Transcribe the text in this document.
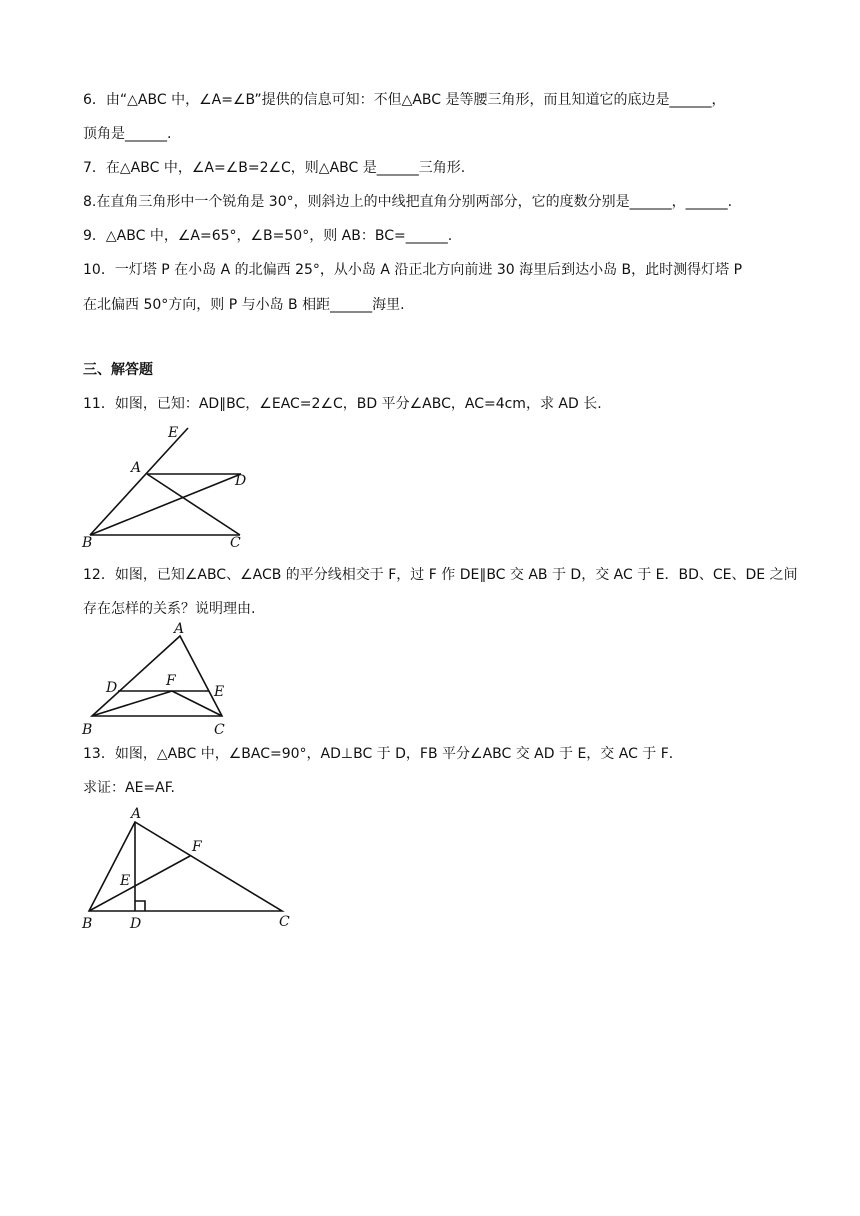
6．由“△ABC 中，∠A=∠B”提供的信息可知：不但△ABC 是等腰三角形，而且知道它的底边是______，
顶角是______.
7．在△ABC 中，∠A=∠B=2∠C，则△ABC 是______三角形.
8.在直角三角形中一个锐角是 30°，则斜边上的中线把直角分别两部分，它的度数分别是______，______.
9．△ABC 中，∠A=65°，∠B=50°，则 AB：BC=______.
10．一灯塔 P 在小岛 A 的北偏西 25°，从小岛 A 沿正北方向前进 30 海里后到达小岛 B，此时测得灯塔 P
在北偏西 50°方向，则 P 与小岛 B 相距______海里.
三、解答题
11．如图，已知：AD∥BC，∠EAC=2∠C，BD 平分∠ABC，AC=4cm，求 AD 长.
E
A
D
B	C
12．如图，已知∠ABC、∠ACB 的平分线相交于 F，过 F 作 DE∥BC 交 AB 于 D，交 AC 于 E．BD、CE、DE 之间
存在怎样的关系？说明理由.
A
D	F
E
B	C
13．如图，△ABC 中，∠BAC=90°，AD⊥BC 于 D，FB 平分∠ABC 交 AD 于 E，交 AC 于 F．
求证：AE=AF.
A
F
E
B	D	C
